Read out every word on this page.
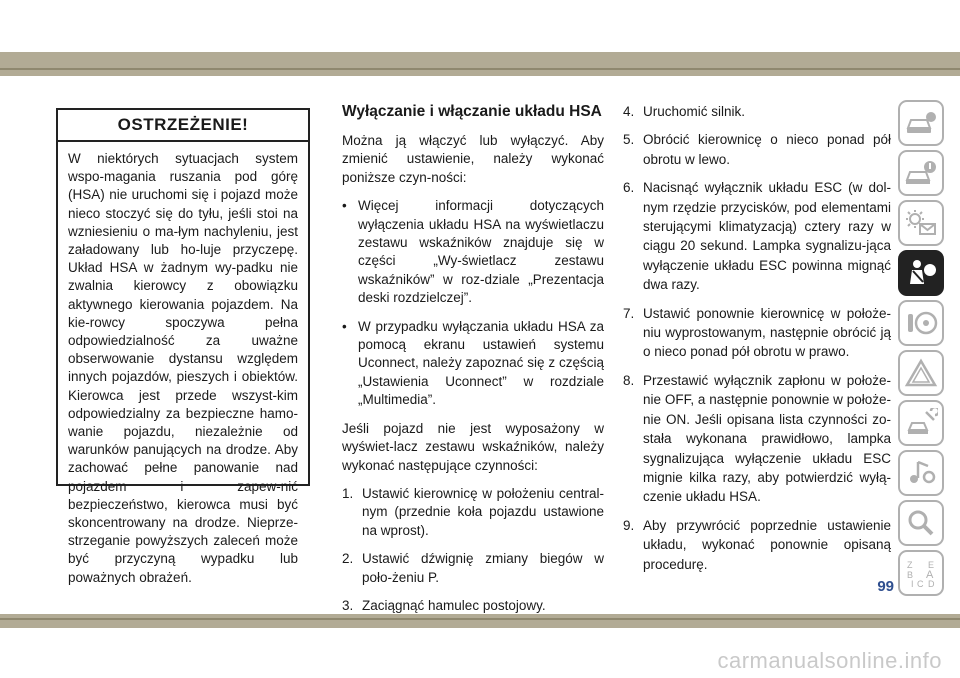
OSTRZEŻENIE!
W niektórych sytuacjach system wspo-magania ruszania pod górę (HSA) nie uruchomi się i pojazd może nieco stoczyć się do tyłu, jeśli stoi na wzniesieniu o ma-łym nachyleniu, jest załadowany lub ho-luje przyczepę. Układ HSA w żadnym wy-padku nie zwalnia kierowcy z obowiązku aktywnego kierowania pojazdem. Na kie-rowcy spoczywa pełna odpowiedzialność za uważne obserwowanie dystansu względem innych pojazdów, pieszych i obiektów. Kierowca jest przede wszyst-kim odpowiedzialny za bezpieczne hamo-wanie pojazdu, niezależnie od warunków panujących na drodze. Aby zachować pełne panowanie nad pojazdem i zapew-nić bezpieczeństwo, kierowca musi być skoncentrowany na drodze. Nieprze-strzeganie powyższych zaleceń może być przyczyną wypadku lub poważnych obrażeń.
Wyłączanie i włączanie układu HSA

Można ją włączyć lub wyłączyć. Aby zmienić ustawienie, należy wykonać poniższe czyn-ności:

• Więcej informacji dotyczących wyłączenia układu HSA na wyświetlaczu zestawu wskaźników znajduje się w części „Wy-świetlacz zestawu wskaźników” w roz-dziale „Prezentacja deski rozdzielczej”.
• W przypadku wyłączania układu HSA za pomocą ekranu ustawień systemu Uconnect, należy zapoznać się z częścią „Ustawienia Uconnect” w rozdziale „Multimedia”.

Jeśli pojazd nie jest wyposażony w wyświet-lacz zestawu wskaźników, należy wykonać następujące czynności:

1. Ustawić kierownicę w położeniu central-nym (przednie koła pojazdu ustawione na wprost).
2. Ustawić dźwignię zmiany biegów w poło-żeniu P.
3. Zaciągnąć hamulec postojowy.
4. Uruchomić silnik.
5. Obrócić kierownicę o nieco ponad pół obrotu w lewo.
6. Nacisnąć wyłącznik układu ESC (w dol-nym rzędzie przycisków, pod elementami sterującymi klimatyzacją) cztery razy w ciągu 20 sekund. Lampka sygnalizu-jąca wyłączenie układu ESC powinna mignąć dwa razy.
7. Ustawić ponownie kierownicę w położe-niu wyprostowanym, następnie obrócić ją o nieco ponad pół obrotu w prawo.
8. Przestawić wyłącznik zapłonu w położe-nie OFF, a następnie ponownie w położe-nie ON. Jeśli opisana lista czynności zo-stała wykonana prawidłowo, lampka sygnalizująca wyłączenie układu ESC mignie kilka razy, aby potwierdzić wyłą-czenie układu HSA.
9. Aby przywrócić poprzednie ustawienie układu, wykonać ponownie opisaną procedurę.	Z E
B A
I C D
99
carmanualsonline.info
